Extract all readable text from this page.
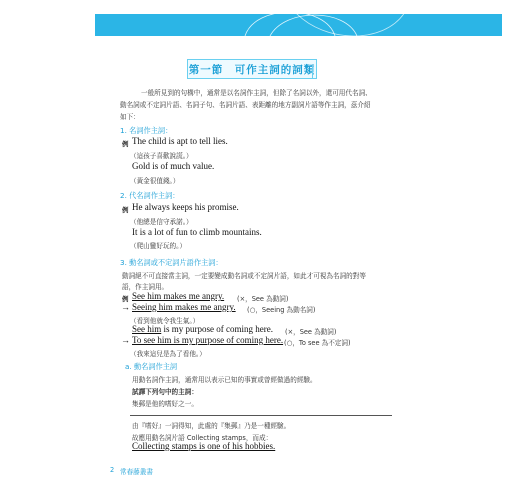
第一節　可作主詞的詞類
一般所見到的句構中，通常是以名詞作主詞，但除了名詞以外，還可用代名詞、
動名詞或不定詞片語、名詞子句、名詞片語、表距離的地方副詞片語等作主詞，茲介紹
如下：
1. 名詞作主詞：
例 The child is apt to tell lies.
（這孩子喜歡說謊。）
Gold is of much value.
（黃金很值錢。）
2. 代名詞作主詞：
例 He always keeps his promise.
（他總是信守承諾。）
It is a lot of fun to climb mountains.
（爬山蠻好玩的。）
3. 動名詞或不定詞片語作主詞：
動詞絕不可直接當主詞，一定要變成動名詞或不定詞片語，如此才可視為名詞的對等
語，作主詞用。
例 See him makes me angry. (×，See 為動詞)
→ Seeing him makes me angry. (○，Seeing 為動名詞)
（看到他就令我生氣。）
See him is my purpose of coming here. (×，See 為動詞)
→ To see him is my purpose of coming here. (○，To see 為不定詞)
（我來這兒是為了看他。）
a. 動名詞作主詞
用動名詞作主詞，通常用以表示已知的事實或曾經做過的經驗。
試譯下列句中的主詞：
集郵是他的嗜好之一。
由『嗜好』一詞得知，此處的『集郵』乃是一種經驗。
故應用動名詞片語 Collecting stamps，而成：
Collecting stamps is one of his hobbies.
2 常春藤叢書
